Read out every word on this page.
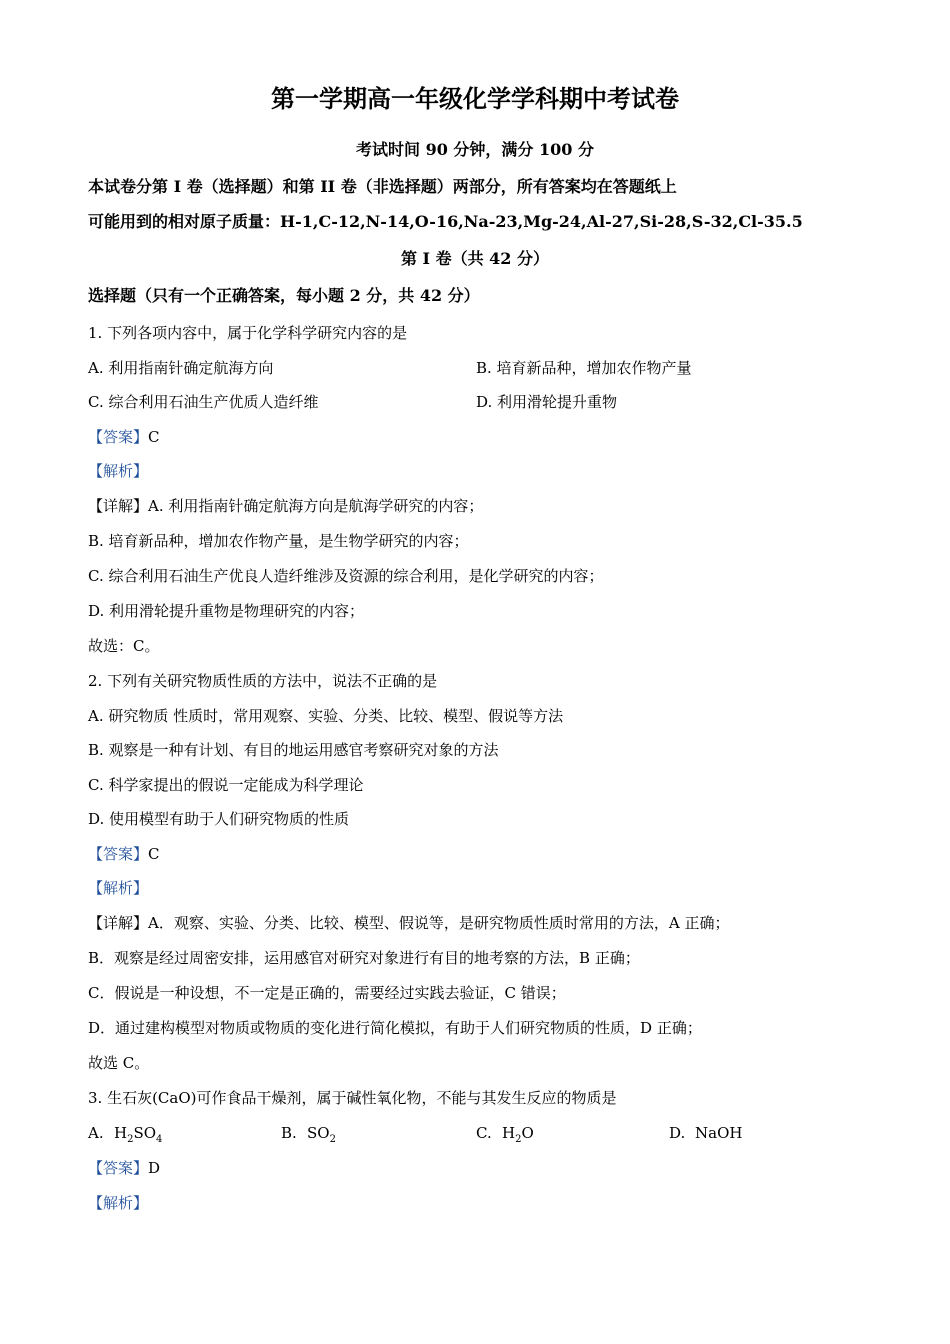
第一学期高一年级化学学科期中考试卷
考试时间 90 分钟，满分 100 分
本试卷分第 I 卷（选择题）和第 II 卷（非选择题）两部分，所有答案均在答题纸上
可能用到的相对原子质量：H-1,C-12,N-14,O-16,Na-23,Mg-24,Al-27,Si-28,S-32,Cl-35.5
第 I 卷（共 42 分）
选择题（只有一个正确答案，每小题 2 分，共 42 分）
1. 下列各项内容中，属于化学科学研究内容的是
A. 利用指南针确定航海方向	B. 培育新品种，增加农作物产量
C. 综合利用石油生产优质人造纤维	D. 利用滑轮提升重物
【答案】C
【解析】
【详解】A. 利用指南针确定航海方向是航海学研究的内容；
B. 培育新品种，增加农作物产量，是生物学研究的内容；
C. 综合利用石油生产优良人造纤维涉及资源的综合利用，是化学研究的内容；
D. 利用滑轮提升重物是物理研究的内容；
故选：C。
2. 下列有关研究物质性质的方法中，说法不正确的是
A. 研究物质 性质时，常用观察、实验、分类、比较、模型、假说等方法
B. 观察是一种有计划、有目的地运用感官考察研究对象的方法
C. 科学家提出的假说一定能成为科学理论
D. 使用模型有助于人们研究物质的性质
【答案】C
【解析】
【详解】A．观察、实验、分类、比较、模型、假说等，是研究物质性质时常用的方法，A 正确；
B．观察是经过周密安排，运用感官对研究对象进行有目的地考察的方法，B 正确；
C．假说是一种设想，不一定是正确的，需要经过实践去验证，C 错误；
D．通过建构模型对物质或物质的变化进行简化模拟，有助于人们研究物质的性质，D 正确；
故选 C。
3. 生石灰(CaO)可作食品干燥剂，属于碱性氧化物，不能与其发生反应的物质是
A. $H_2SO_4$	B. $SO_2$	C. $H_2O$	D. NaOH
【答案】D
【解析】
